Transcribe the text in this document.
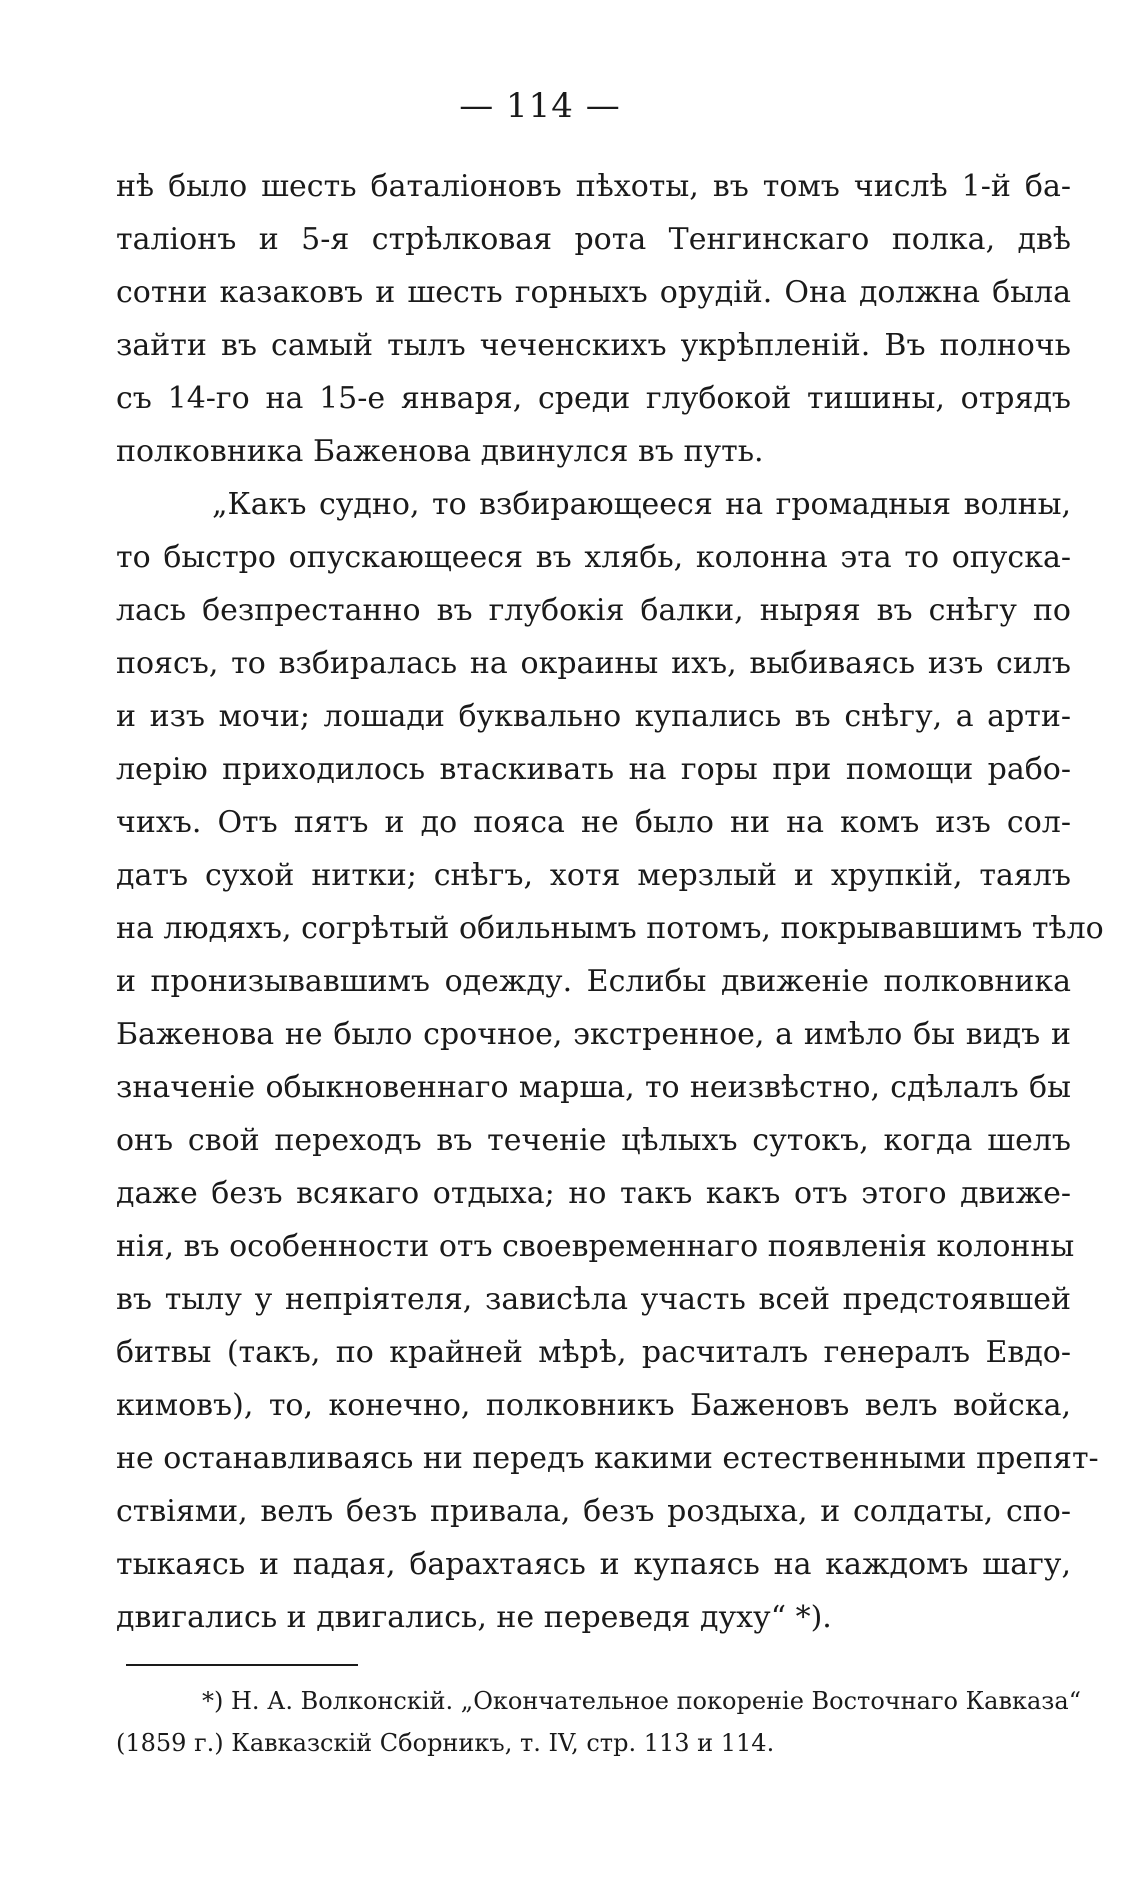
— 114 —
нѣ было шесть баталіоновъ пѣхоты, въ томъ числѣ 1-й ба-
таліонъ и 5-я стрѣлковая рота Тенгинскаго полка, двѣ
сотни казаковъ и шесть горныхъ орудій. Она должна была
зайти въ самый тылъ чеченскихъ укрѣпленій. Въ полночь
съ 14-го на 15-е января, среди глубокой тишины, отрядъ
полковника Баженова двинулся въ путь.
„Какъ судно, то взбирающееся на громадныя волны,
то быстро опускающееся въ хлябь, колонна эта то опуска-
лась безпрестанно въ глубокія балки, ныряя въ снѣгу по
поясъ, то взбиралась на окраины ихъ, выбиваясь изъ силъ
и изъ мочи; лошади буквально купались въ снѣгу, а арти-
лерію приходилось втаскивать на горы при помощи рабо-
чихъ. Отъ пятъ и до пояса не было ни на комъ изъ сол-
датъ сухой нитки; снѣгъ, хотя мерзлый и хрупкій, таялъ
на людяхъ, согрѣтый обильнымъ потомъ, покрывавшимъ тѣло
и пронизывавшимъ одежду. Еслибы движеніе полковника
Баженова не было срочное, экстренное, а имѣло бы видъ и
значеніе обыкновеннаго марша, то неизвѣстно, сдѣлалъ бы
онъ свой переходъ въ теченіе цѣлыхъ сутокъ, когда шелъ
даже безъ всякаго отдыха; но такъ какъ отъ этого движе-
нія, въ особенности отъ своевременнаго появленія колонны
въ тылу у непріятеля, зависѣла участь всей предстоявшей
битвы (такъ, по крайней мѣрѣ, расчиталъ генералъ Евдо-
кимовъ), то, конечно, полковникъ Баженовъ велъ войска,
не останавливаясь ни передъ какими естественными препят-
ствіями, велъ безъ привала, безъ роздыха, и солдаты, спо-
тыкаясь и падая, барахтаясь и купаясь на каждомъ шагу,
двигались и двигались, не переведя духу“ *).
*) Н. А. Волконскій. „Окончательное покореніе Восточнаго Кавказа“
(1859 г.) Кавказскій Сборникъ, т. IV, стр. 113 и 114.
